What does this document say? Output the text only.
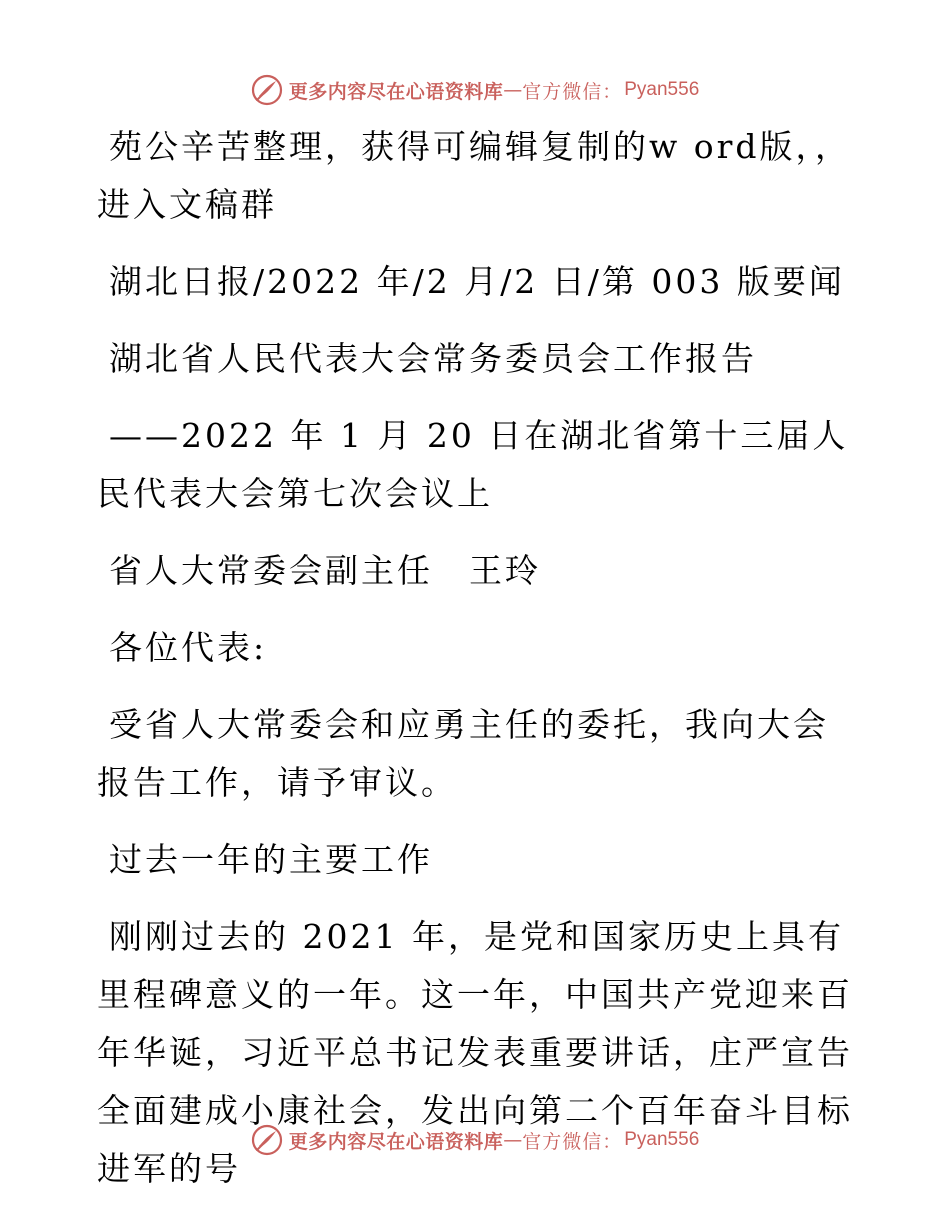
更多内容尽在心语资料库 — 官方微信： Pyan556

苑公辛苦整理，获得可编辑复制的w ord版，，进入文稿群

湖北日报/2022 年/2 月/2 日/第 003 版要闻

湖北省人民代表大会常务委员会工作报告

——2022 年 1 月 20 日在湖北省第十三届人民代表大会第七次会议上

省人大常委会副主任　王玲

各位代表:

受省人大常委会和应勇主任的委托，我向大会报告工作，请予审议。

过去一年的主要工作

刚刚过去的 2021 年，是党和国家历史上具有里程碑意义的一年。这一年，中国共产党迎来百年华诞，习近平总书记发表重要讲话，庄严宣告全面建成小康社会，发出向第二个百年奋斗目标进军的号

更多内容尽在心语资料库 — 官方微信： Pyan556
